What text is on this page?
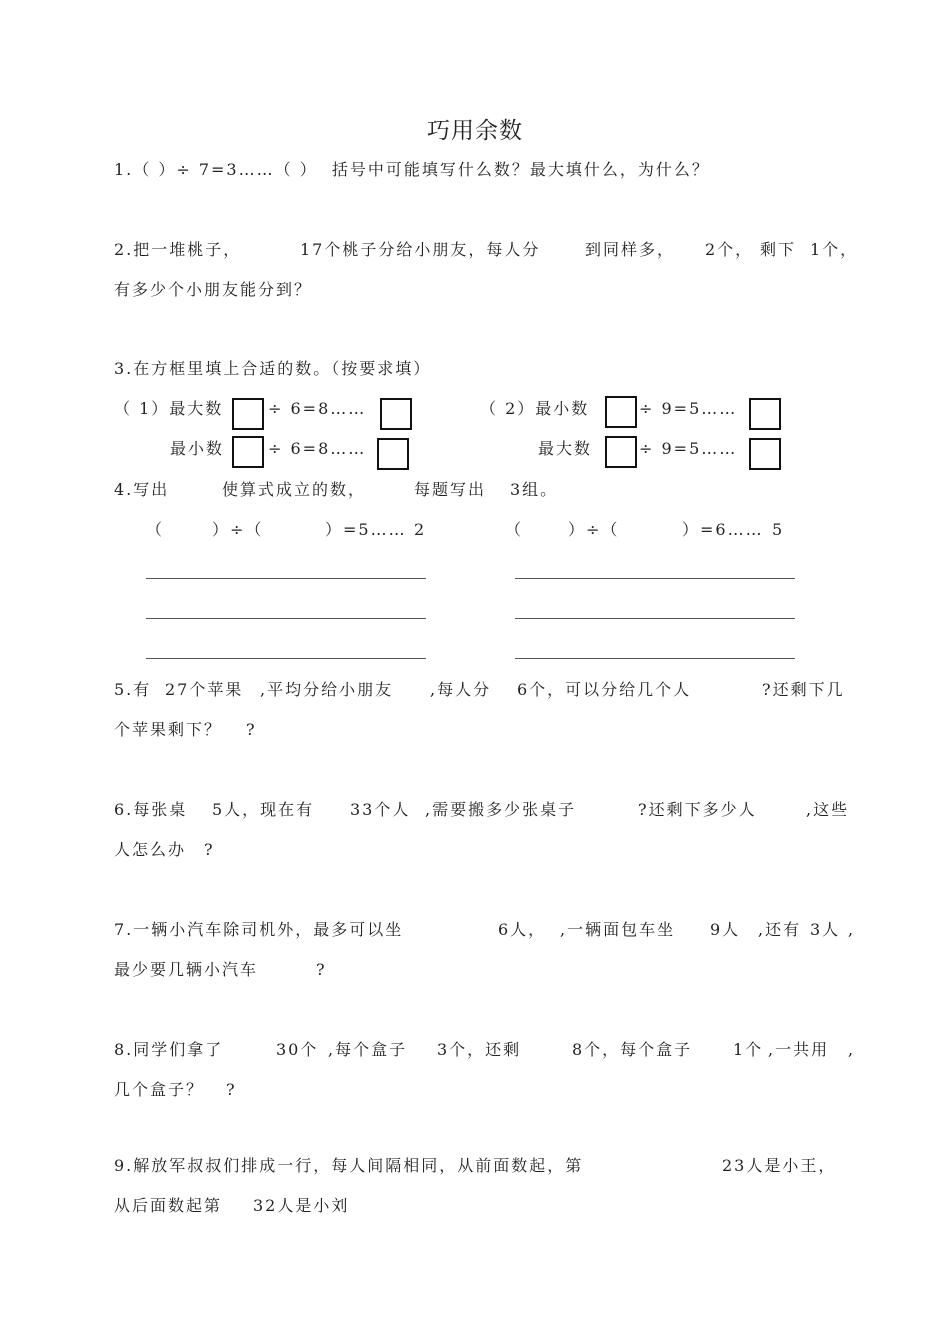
巧用余数
1.（ ）÷ 7=3……（ ）  括号中可能填写什么数？最大填什么，为什么？
2.把一堆桃子，	17个桃子分给小朋友，每人分	到同样多， 2个， 剩下 1个，
有多少个小朋友能分到？
3.在方框里填上合适的数。（按要求填）
（ 1）最大数	÷ 6=8……	（ 2）最小数	÷ 9=5……
最小数	÷ 6=8……	最大数	÷ 9=5……
4.写出	使算式成立的数，	每题写出 3组。
（	）÷（	）=5…… 2	（	）÷（	）=6…… 5
5.有 27个苹果 ,平均分给小朋友 ,每人分 6个，可以分给几个人	?还剩下几
个苹果剩下？ ?
6.每张桌 5人，现在有 33个人 ,需要搬多少张桌子	?还剩下多少人	,这些
人怎么办 ?
7.一辆小汽车除司机外，最多可以坐	6人， ,一辆面包车坐 9人 ,还有 3人 ,
最少要几辆小汽车	?
8.同学们拿了	30个 ,每个盒子 3个，还剩	8个，每个盒子	1个 ,一共用 ,
几个盒子？ ?
9.解放军叔叔们排成一行，每人间隔相同，从前面数起，第	23人是小王，
从后面数起第 32人是小刘
